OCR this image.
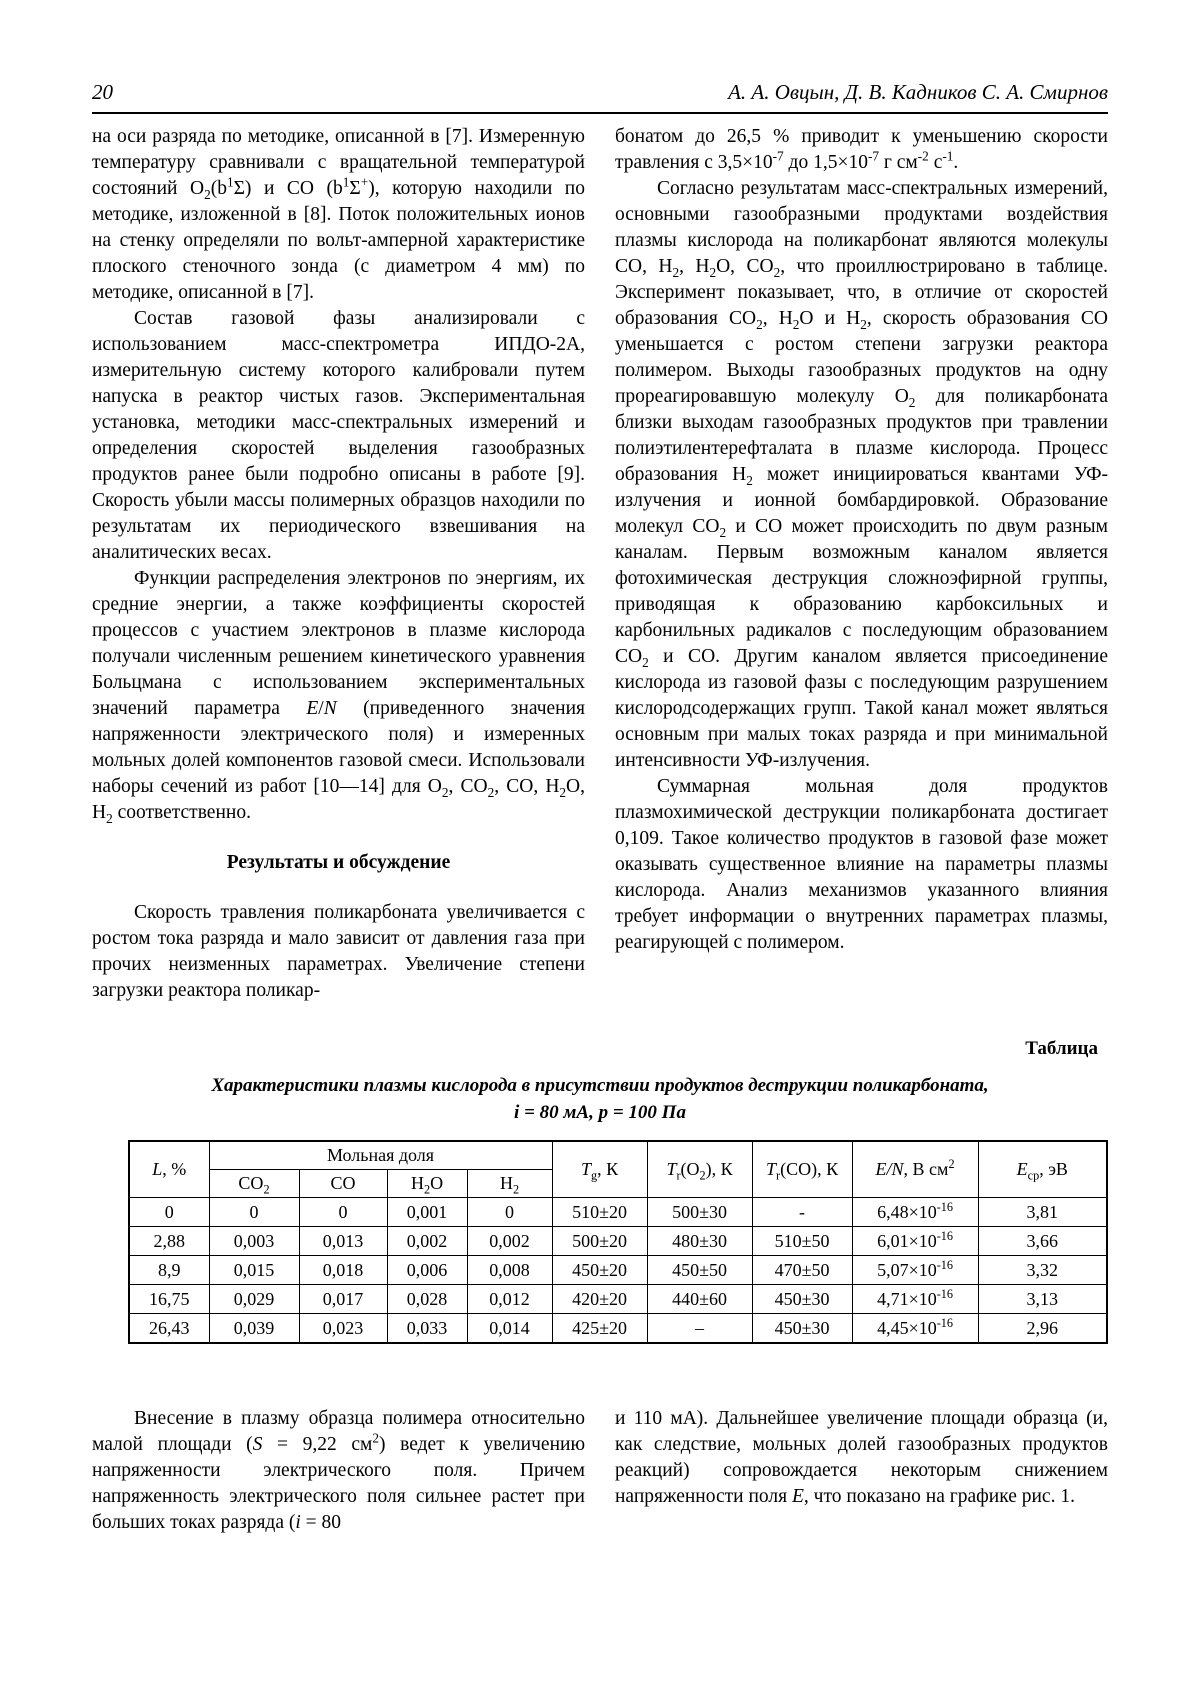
20	А. А. Овцын, Д. В. Кадников С. А. Смирнов

на оси разряда по методике, описанной в [7]. Измеренную температуру сравнивали с вращательной температурой состояний $O_2(b^1\Sigma)$ и CO $(b^1\Sigma^+)$, которую находили по методике, изложенной в [8]. Поток положительных ионов на стенку определяли по вольт-амперной характеристике плоского стеночного зонда (с диаметром 4 мм) по методике, описанной в [7].

Состав газовой фазы анализировали с использованием масс-спектрометра ИПДО-2А, измерительную систему которого калибровали путем напуска в реактор чистых газов. Экспериментальная установка, методики масс-спектральных измерений и определения скоростей выделения газообразных продуктов ранее были подробно описаны в работе [9]. Скорость убыли массы полимерных образцов находили по результатам их периодического взвешивания на аналитических весах.

Функции распределения электронов по энергиям, их средние энергии, а также коэффициенты скоростей процессов с участием электронов в плазме кислорода получали численным решением кинетического уравнения Больцмана с использованием экспериментальных значений параметра E/N (приведенного значения напряженности электрического поля) и измеренных мольных долей компонентов газовой смеси. Использовали наборы сечений из работ [10—14] для $O_2$, $CO_2$, CO, $H_2O$, $H_2$ соответственно.

Результаты и обсуждение

Скорость травления поликарбоната увеличивается с ростом тока разряда и мало зависит от давления газа при прочих неизменных параметрах. Увеличение степени загрузки реактора поликар-

бонатом до 26,5 % приводит к уменьшению скорости травления с $3,5\times 10^{-7}$ до $1,5\times 10^{-7}$ г $см^{-2}$ $с^{-1}$.

Согласно результатам масс-спектральных измерений, основными газообразными продуктами воздействия плазмы кислорода на поликарбонат являются молекулы CO, $H_2$, $H_2O$, $CO_2$, что проиллюстрировано в таблице. Эксперимент показывает, что, в отличие от скоростей образования $CO_2$, $H_2O$ и $H_2$, скорость образования CO уменьшается с ростом степени загрузки реактора полимером. Выходы газообразных продуктов на одну прореагировавшую молекулу $O_2$ для поликарбоната близки выходам газообразных продуктов при травлении полиэтилентерефталата в плазме кислорода. Процесс образования $H_2$ может инициироваться квантами УФ-излучения и ионной бомбардировкой. Образование молекул $CO_2$ и CO может происходить по двум разным каналам. Первым возможным каналом является фотохимическая деструкция сложноэфирной группы, приводящая к образованию карбоксильных и карбонильных радикалов с последующим образованием $CO_2$ и CO. Другим каналом является присоединение кислорода из газовой фазы с последующим разрушением кислородсодержащих групп. Такой канал может являться основным при малых токах разряда и при минимальной интенсивности УФ-излучения.

Суммарная мольная доля продуктов плазмохимической деструкции поликарбоната достигает 0,109. Такое количество продуктов в газовой фазе может оказывать существенное влияние на параметры плазмы кислорода. Анализ механизмов указанного влияния требует информации о внутренних параметрах плазмы, реагирующей с полимером.

Таблица
Характеристики плазмы кислорода в присутствии продуктов деструкции поликарбоната,
i = 80 мА, p = 100 Па
L, %	Мольная доля				$T_g$, К	$T_r(O_2)$, К	$T_r(CO)$, К	E/N, В $см^2$	$E_{ср}$, эВ
	$CO_2$	CO	$H_2O$	$H_2$
0	0	0	0,001	0	510±20	500±30	-	$6,48\times 10^{-16}$	3,81
2,88	0,003	0,013	0,002	0,002	500±20	480±30	510±50	$6,01\times 10^{-16}$	3,66
8,9	0,015	0,018	0,006	0,008	450±20	450±50	470±50	$5,07\times 10^{-16}$	3,32
16,75	0,029	0,017	0,028	0,012	420±20	440±60	450±30	$4,71\times 10^{-16}$	3,13
26,43	0,039	0,023	0,033	0,014	425±20	–	450±30	$4,45\times 10^{-16}$	2,96

Внесение в плазму образца полимера относительно малой площади (S = 9,22 $см^2$) ведет к увеличению напряженности электрического поля. Причем напряженность электрического поля сильнее растет при больших токах разряда (i = 80

и 110 мА). Дальнейшее увеличение площади образца (и, как следствие, мольных долей газообразных продуктов реакций) сопровождается некоторым снижением напряженности поля E, что показано на графике рис. 1.
